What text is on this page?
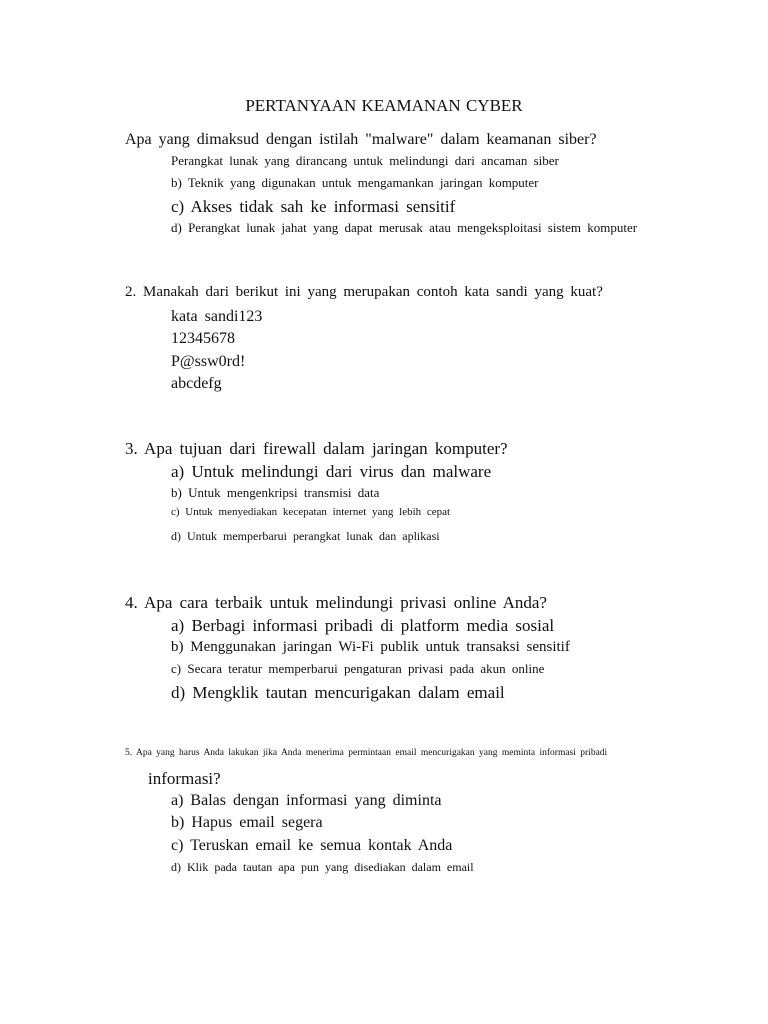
PERTANYAAN KEAMANAN CYBER
Apa yang dimaksud dengan istilah "malware" dalam keamanan siber?
Perangkat lunak yang dirancang untuk melindungi dari ancaman siber
b) Teknik yang digunakan untuk mengamankan jaringan komputer
c) Akses tidak sah ke informasi sensitif
d) Perangkat lunak jahat yang dapat merusak atau mengeksploitasi sistem komputer
2. Manakah dari berikut ini yang merupakan contoh kata sandi yang kuat?
kata sandi123
12345678
P@ssw0rd!
abcdefg
3. Apa tujuan dari firewall dalam jaringan komputer?
a) Untuk melindungi dari virus dan malware
b) Untuk mengenkripsi transmisi data
c) Untuk menyediakan kecepatan internet yang lebih cepat
d) Untuk memperbarui perangkat lunak dan aplikasi
4. Apa cara terbaik untuk melindungi privasi online Anda?
a) Berbagi informasi pribadi di platform media sosial
b) Menggunakan jaringan Wi-Fi publik untuk transaksi sensitif
c) Secara teratur memperbarui pengaturan privasi pada akun online
d) Mengklik tautan mencurigakan dalam email
5. Apa yang harus Anda lakukan jika Anda menerima permintaan email mencurigakan yang meminta informasi pribadi
informasi?
a) Balas dengan informasi yang diminta
b) Hapus email segera
c) Teruskan email ke semua kontak Anda
d) Klik pada tautan apa pun yang disediakan dalam email
